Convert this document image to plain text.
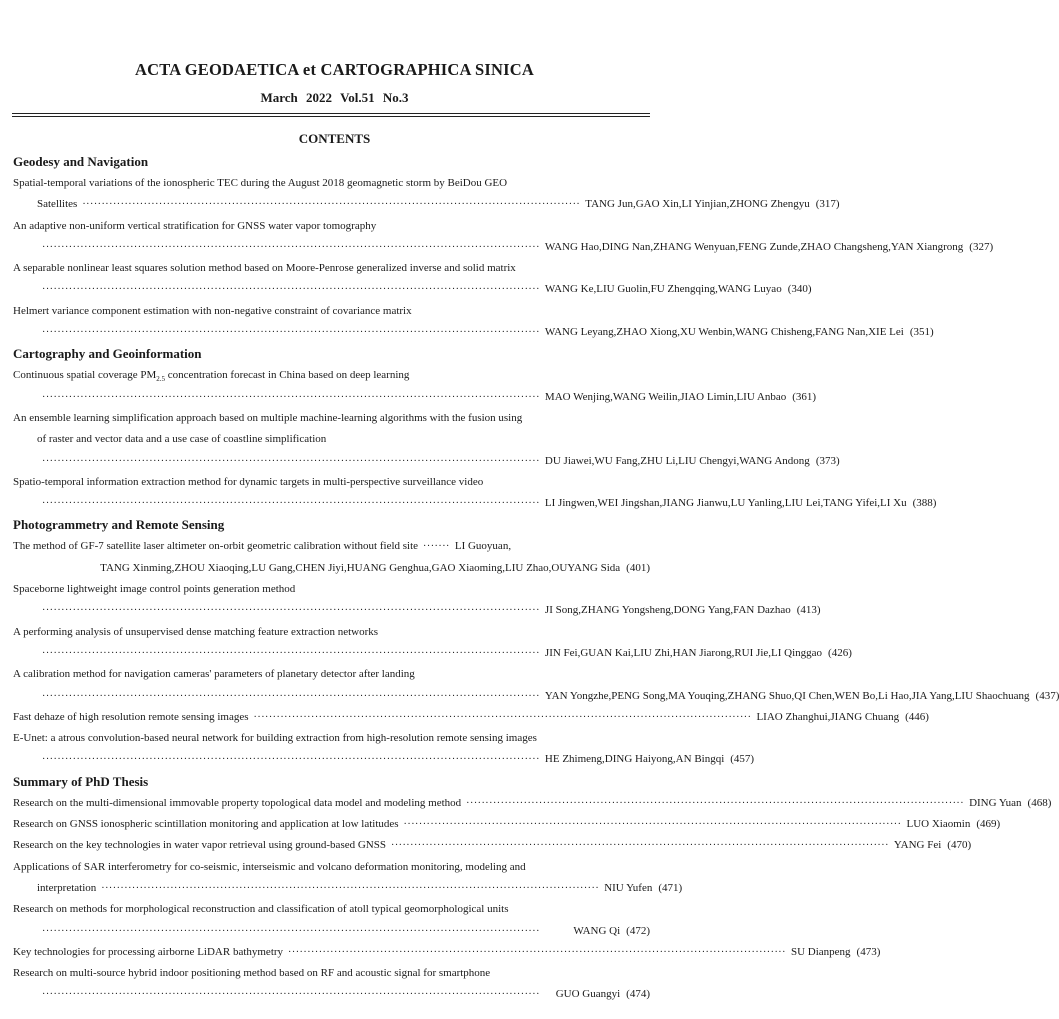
ACTA GEODAETICA et CARTOGRAPHICA SINICA
March 2022 Vol.51 No.3
CONTENTS
Geodesy and Navigation
Spatial-temporal variations of the ionospheric TEC during the August 2018 geomagnetic storm by BeiDou GEO
Satellites ·································································································································· TANG Jun,GAO Xin,LI Yinjian,ZHONG Zhengyu (317)
An adaptive non-uniform vertical stratification for GNSS water vapor tomography
·································································································································· WANG Hao,DING Nan,ZHANG Wenyuan,FENG Zunde,ZHAO Changsheng,YAN Xiangrong (327)
A separable nonlinear least squares solution method based on Moore-Penrose generalized inverse and solid matrix
·································································································································· WANG Ke,LIU Guolin,FU Zhengqing,WANG Luyao (340)
Helmert variance component estimation with non-negative constraint of covariance matrix
·································································································································· WANG Leyang,ZHAO Xiong,XU Wenbin,WANG Chisheng,FANG Nan,XIE Lei (351)
Cartography and Geoinformation
Continuous spatial coverage $PM_{2.5}$ concentration forecast in China based on deep learning
·································································································································· MAO Wenjing,WANG Weilin,JIAO Limin,LIU Anbao (361)
An ensemble learning simplification approach based on multiple machine-learning algorithms with the fusion using
of raster and vector data and a use case of coastline simplification
·································································································································· DU Jiawei,WU Fang,ZHU Li,LIU Chengyi,WANG Andong (373)
Spatio-temporal information extraction method for dynamic targets in multi-perspective surveillance video
·································································································································· LI Jingwen,WEI Jingshan,JIANG Jianwu,LU Yanling,LIU Lei,TANG Yifei,LI Xu (388)
Photogrammetry and Remote Sensing
The method of GF-7 satellite laser altimeter on-orbit geometric calibration without field site ······· LI Guoyuan,
TANG Xinming,ZHOU Xiaoqing,LU Gang,CHEN Jiyi,HUANG Genghua,GAO Xiaoming,LIU Zhao,OUYANG Sida (401)
Spaceborne lightweight image control points generation method
·································································································································· JI Song,ZHANG Yongsheng,DONG Yang,FAN Dazhao (413)
A performing analysis of unsupervised dense matching feature extraction networks
·································································································································· JIN Fei,GUAN Kai,LIU Zhi,HAN Jiarong,RUI Jie,LI Qinggao (426)
A calibration method for navigation cameras' parameters of planetary detector after landing
·································································································································· YAN Yongzhe,PENG Song,MA Youqing,ZHANG Shuo,QI Chen,WEN Bo,Li Hao,JIA Yang,LIU Shaochuang (437)
Fast dehaze of high resolution remote sensing images ·································································································································· LIAO Zhanghui,JIANG Chuang (446)
E-Unet: a atrous convolution-based neural network for building extraction from high-resolution remote sensing images
·································································································································· HE Zhimeng,DING Haiyong,AN Bingqi (457)
Summary of PhD Thesis
Research on the multi-dimensional immovable property topological data model and modeling method ·································································································································· DING Yuan (468)
Research on GNSS ionospheric scintillation monitoring and application at low latitudes ·································································································································· LUO Xiaomin (469)
Research on the key technologies in water vapor retrieval using ground-based GNSS ·································································································································· YANG Fei (470)
Applications of SAR interferometry for co-seismic, interseismic and volcano deformation monitoring, modeling and
interpretation ·································································································································· NIU Yufen (471)
Research on methods for morphological reconstruction and classification of atoll typical geomorphological units
··································································································································	WANG Qi (472)
Key technologies for processing airborne LiDAR bathymetry ·································································································································· SU Dianpeng (473)
Research on multi-source hybrid indoor positioning method based on RF and acoustic signal for smartphone
··································································································································	GUO Guangyi (474)
